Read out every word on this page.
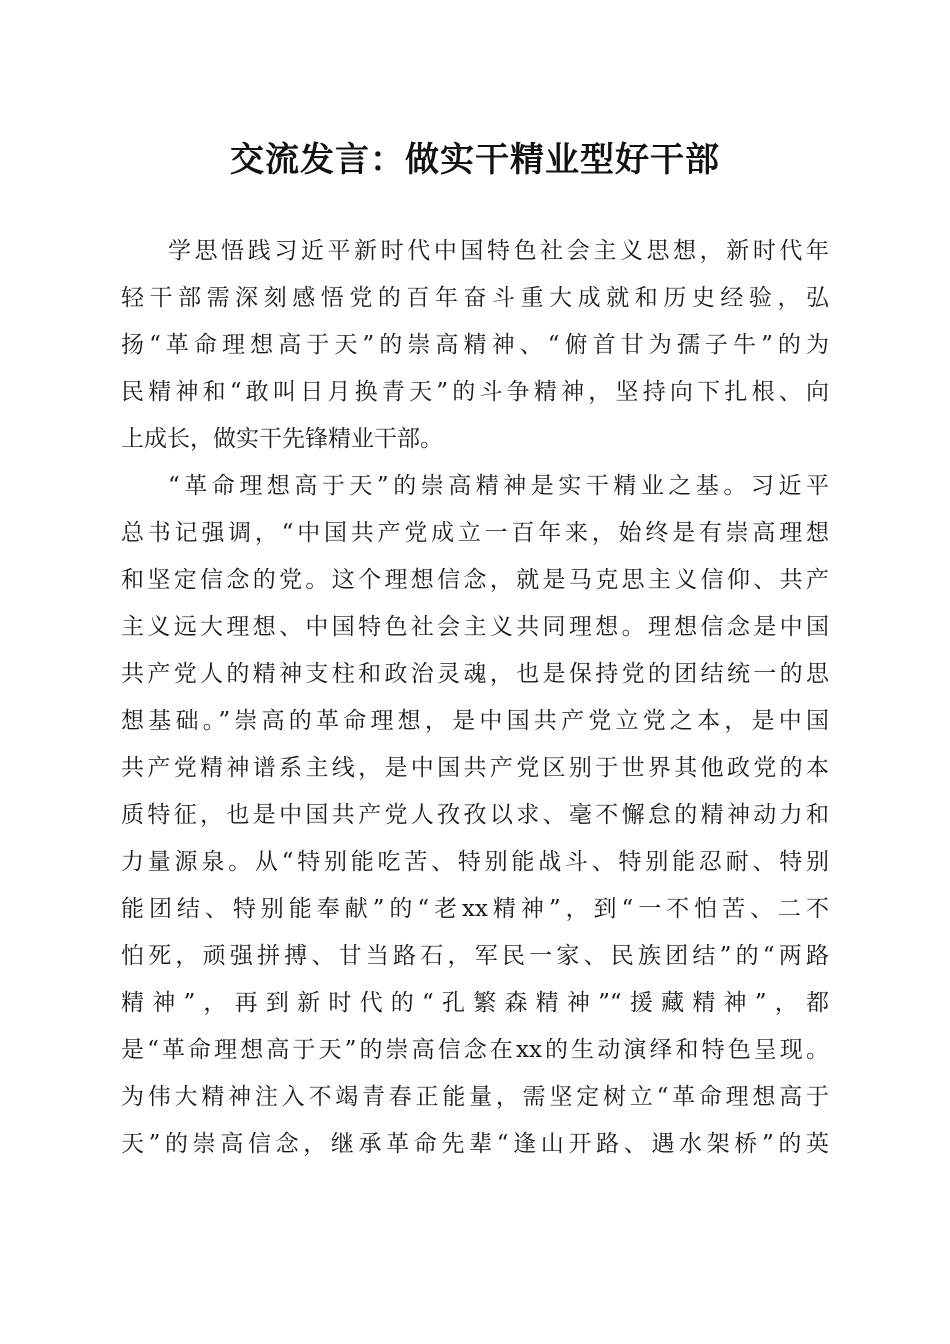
交流发言：做实干精业型好干部
学思悟践习近平新时代中国特色社会主义思想，新时代年
轻干部需深刻感悟党的百年奋斗重大成就和历史经验，弘
扬“革命理想高于天”的崇高精神、“俯首甘为孺子牛”的为
民精神和“敢叫日月换青天”的斗争精神，坚持向下扎根、向
上成长，做实干先锋精业干部。
“革命理想高于天”的崇高精神是实干精业之基。习近平
总书记强调，“中国共产党成立一百年来，始终是有崇高理想
和坚定信念的党。这个理想信念，就是马克思主义信仰、共产
主义远大理想、中国特色社会主义共同理想。理想信念是中国
共产党人的精神支柱和政治灵魂，也是保持党的团结统一的思
想基础。”崇高的革命理想，是中国共产党立党之本，是中国
共产党精神谱系主线，是中国共产党区别于世界其他政党的本
质特征，也是中国共产党人孜孜以求、毫不懈怠的精神动力和
力量源泉。从“特别能吃苦、特别能战斗、特别能忍耐、特别
能团结、特别能奉献”的“老xx精神”，到“一不怕苦、二不
怕死，顽强拼搏、甘当路石，军民一家、民族团结”的“两路
精神”，再到新时代的“孔繁森精神”“援藏精神”，都
是“革命理想高于天”的崇高信念在xx的生动演绎和特色呈现。
为伟大精神注入不竭青春正能量，需坚定树立“革命理想高于
天”的崇高信念，继承革命先辈“逢山开路、遇水架桥”的英
